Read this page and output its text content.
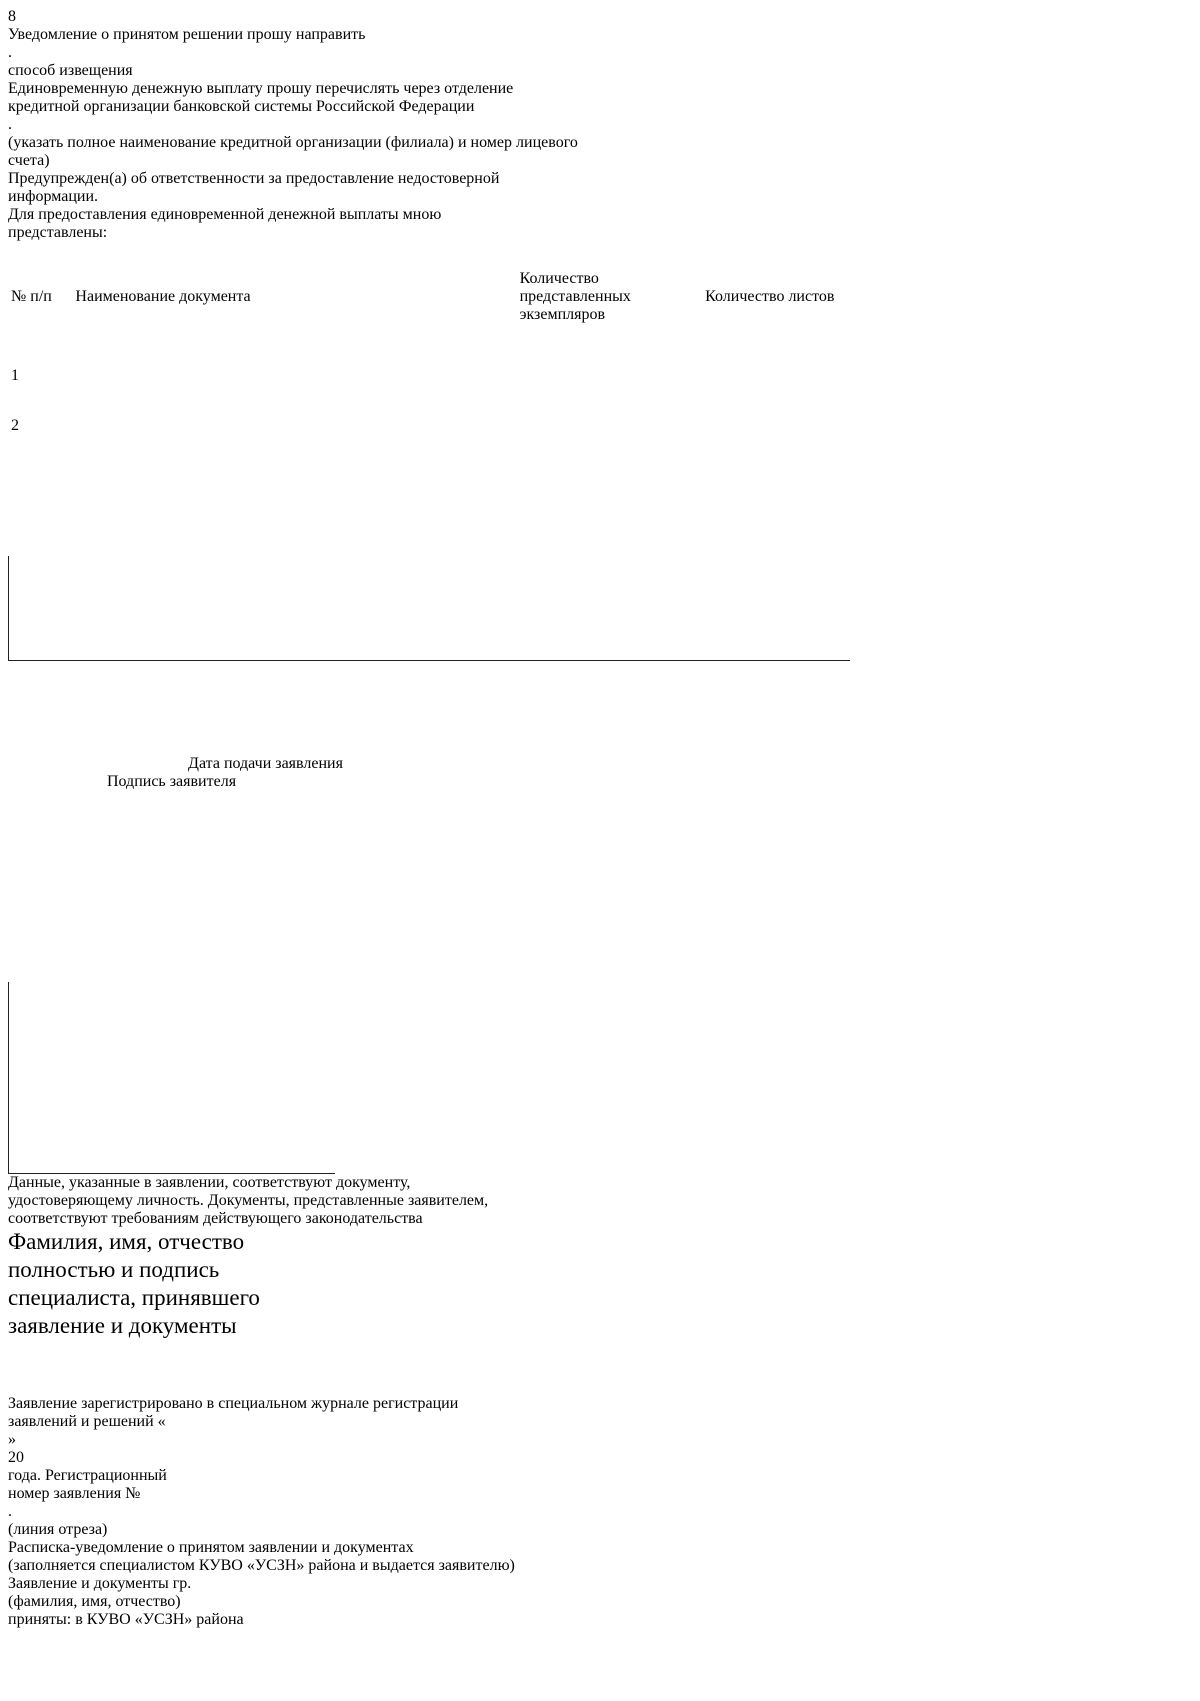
8
Уведомление о принятом решении прошу направить
.
способ извещения
Единовременную денежную выплату прошу перечислять через отделение
кредитной организации банковской системы Российской Федерации
.
(указать полное наименование кредитной организации (филиала) и номер лицевого
счета)
Предупрежден(а) об ответственности за предоставление недостоверной
информации.
Для предоставления единовременной денежной выплаты мною
представлены:
№ п/п	Наименование документа	Количество представленных экземпляров	Количество листов
1			
2			
Дата подачи заявления
Подпись заявителя
Данные, указанные в заявлении, соответствуют документу, удостоверяющему личность. Документы, представленные заявителем, соответствуют требованиям действующего законодательства
Фамилия, имя, отчество полностью и подпись специалиста, принявшего заявление и документы
Заявление зарегистрировано в специальном журнале регистрации
заявлений и решений «
»
20
года. Регистрационный
номер заявления №
.
(линия отреза)
Расписка-уведомление о принятом заявлении и документах
(заполняется специалистом КУВО «УСЗН» района и выдается заявителю)
Заявление и документы гр.
(фамилия, имя, отчество)
приняты: в КУВО «УСЗН» района
